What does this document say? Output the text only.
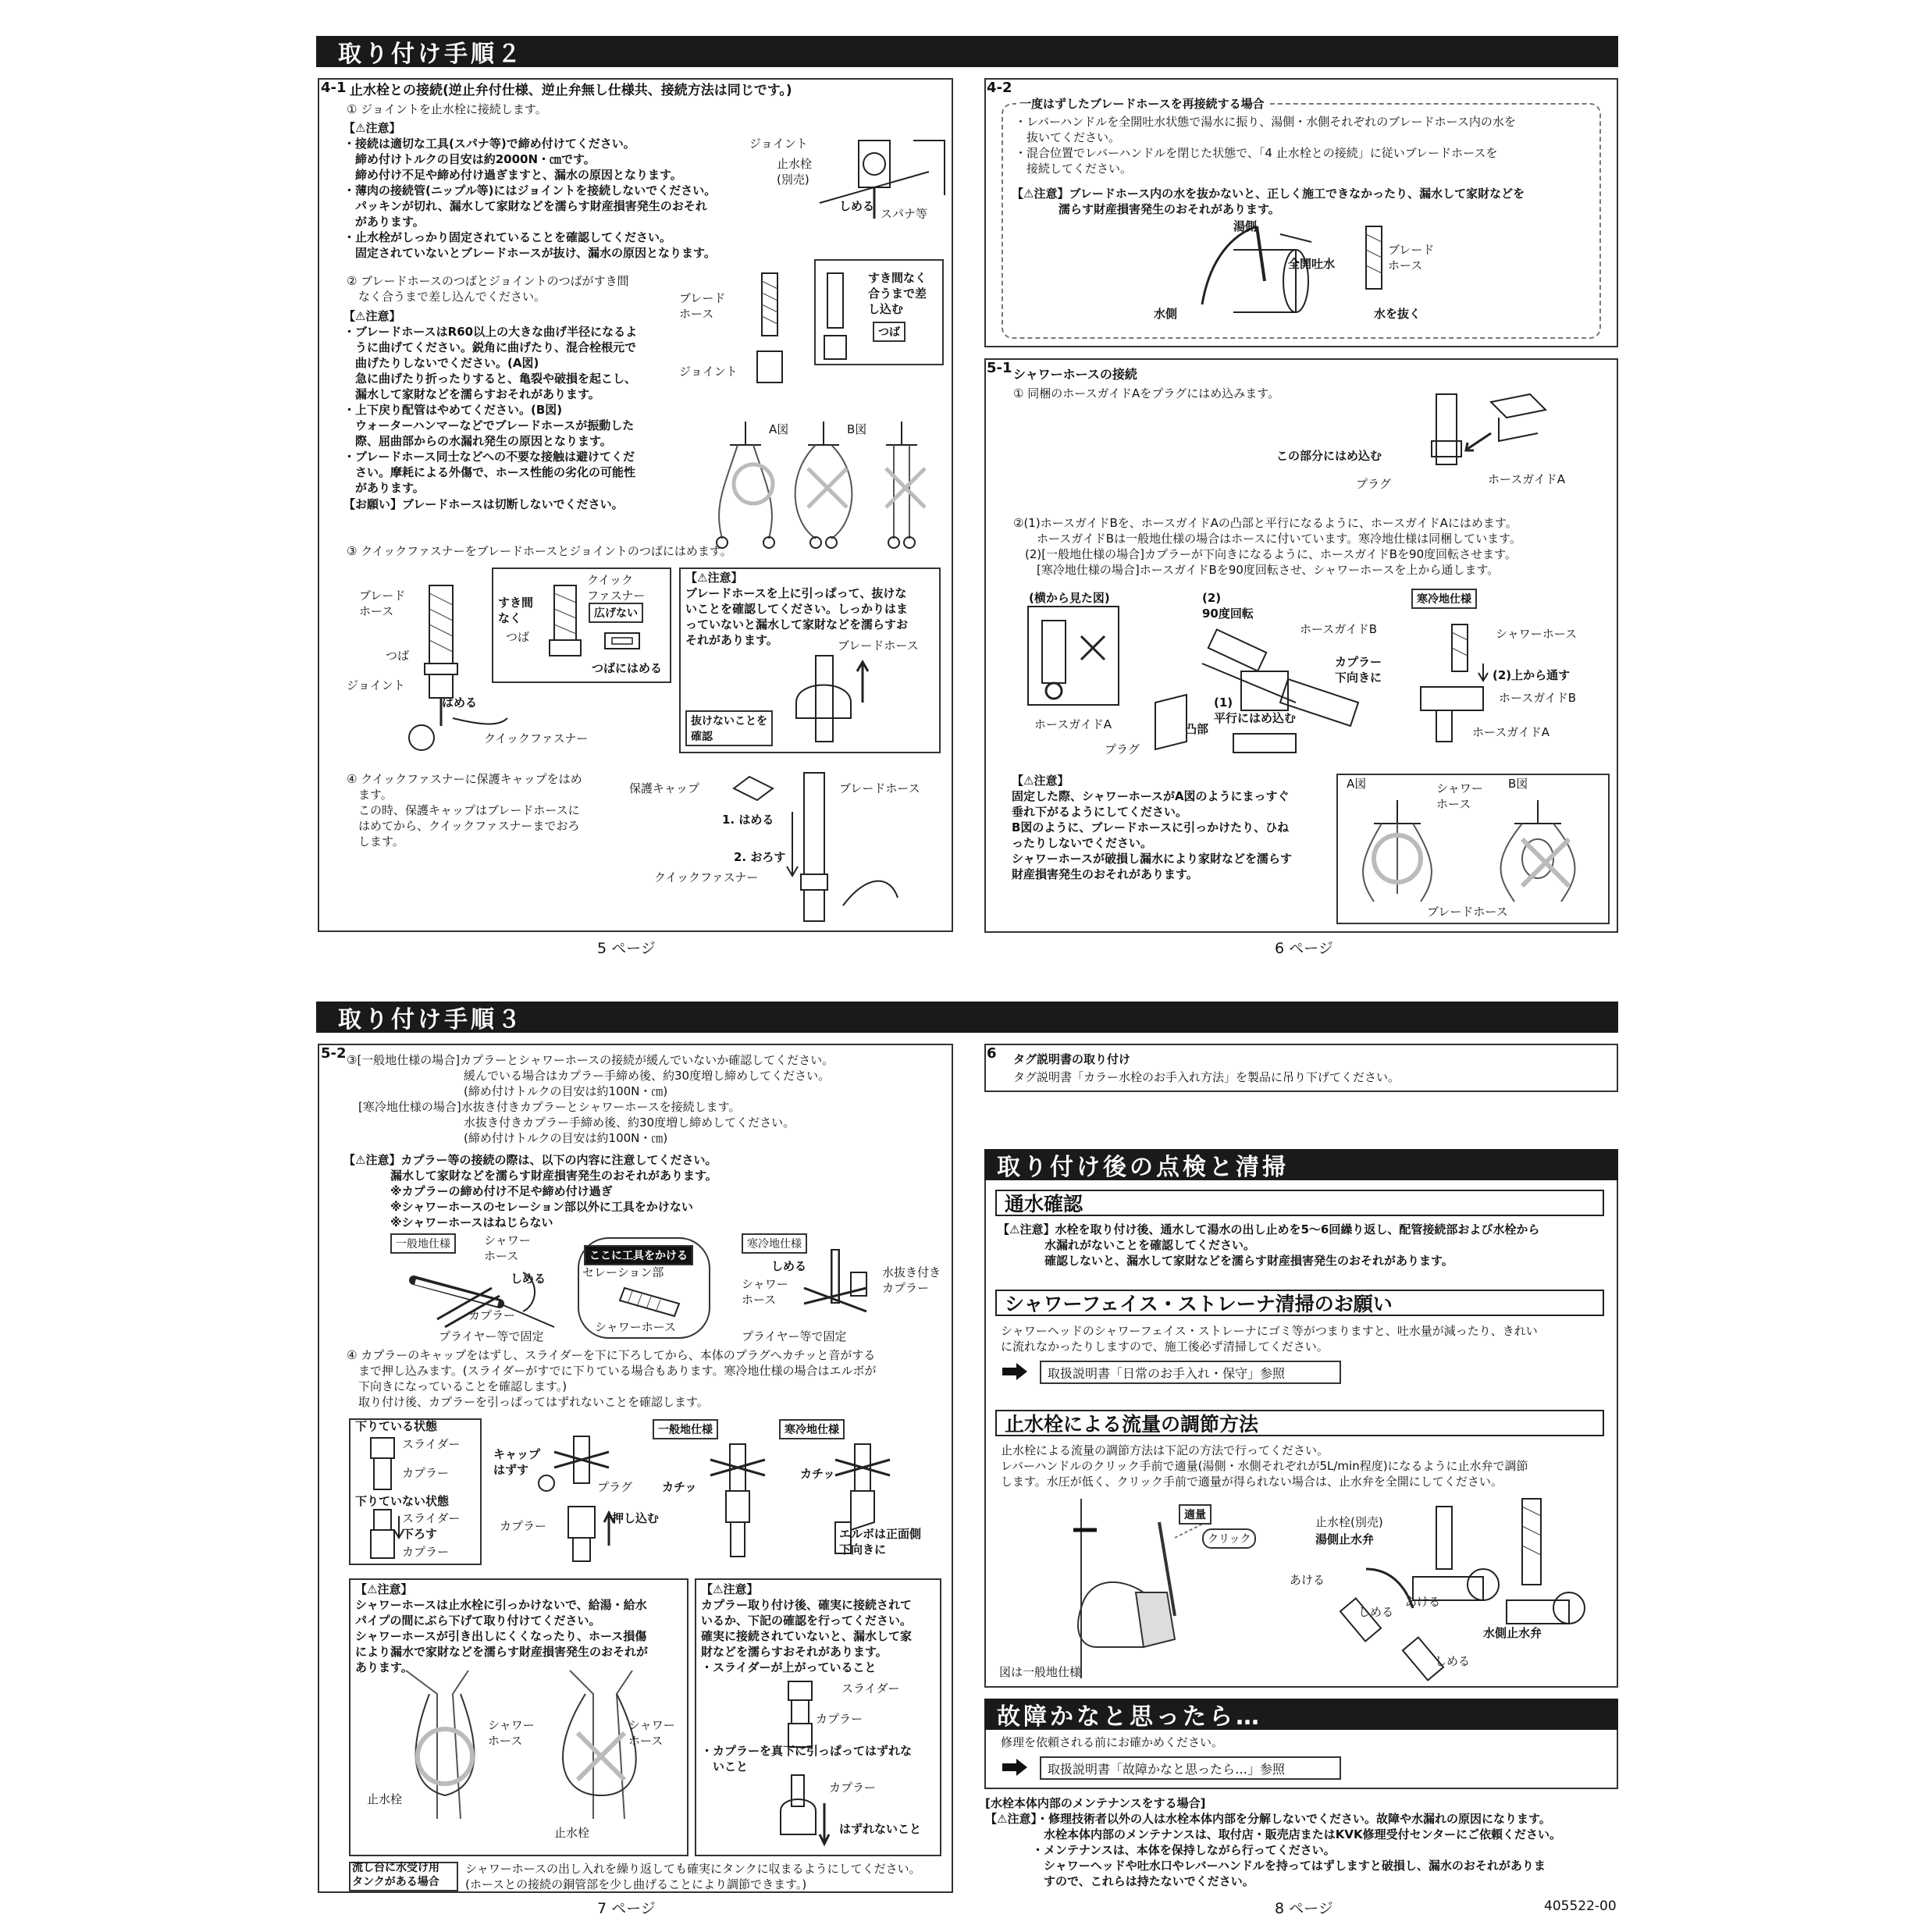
取り付け手順２
取り付け手順３
4-1 止水栓との接続(逆止弁付仕様、逆止弁無し仕様共、接続方法は同じです。)
① ジョイントを止水栓に接続します。
【⚠注意】
・接続は適切な工具(スパナ等)で締め付けてください。
　締め付けトルクの目安は約2000N・㎝です。
　締め付け不足や締め付け過ぎますと、漏水の原因となります。
・薄肉の接続管(ニップル等)にはジョイントを接続しないでください。
　パッキンが切れ、漏水して家財などを濡らす財産損害発生のおそれ
　があります。
・止水栓がしっかり固定されていることを確認してください。
　固定されていないとブレードホースが抜け、漏水の原因となります。
ジョイント
止水栓
(別売)
しめる
スパナ等
② ブレードホースのつばとジョイントのつばがすき間
　なく合うまで差し込んでください。
【⚠注意】
・ブレードホースはR60以上の大きな曲げ半径になるよ
　うに曲げてください。鋭角に曲げたり、混合栓根元で
　曲げたりしないでください。(A図)
　急に曲げたり折ったりすると、亀裂や破損を起こし、
　漏水して家財などを濡らすおそれがあります。
・上下戻り配管はやめてください。(B図)
　ウォーターハンマーなどでブレードホースが振動した
　際、屈曲部からの水漏れ発生の原因となります。
・ブレードホース同士などへの不要な接触は避けてくだ
　さい。摩耗による外傷で、ホース性能の劣化の可能性
　があります。
【お願い】ブレードホースは切断しないでください。
ブレード
ホース
すき間なく
合うまで差
し込む
つば
ジョイント
A図	B図
③ クイックファスナーをブレードホースとジョイントのつばにはめます。
ブレード
ホース
つば
ジョイント
はめる
クイックファスナー
すき間
なく
クイック
ファスナー
広げない
つば
つばにはめる
【⚠注意】
ブレードホースを上に引っぱって、抜けな
いことを確認してください。しっかりはま
っていないと漏水して家財などを濡らすお
それがあります。	ブレードホース
抜けないことを
確認
④ クイックファスナーに保護キャップをはめ
　ます。
　この時、保護キャップはブレードホースに
　はめてから、クイックファスナーまでおろ
　します。
保護キャップ	ブレードホース
1. はめる
2. おろす
クイックファスナー
5 ページ
4-2
一度はずしたブレードホースを再接続する場合
・レバーハンドルを全開吐水状態で湯水に振り、湯側・水側それぞれのブレードホース内の水を
　抜いてください。
・混合位置でレバーハンドルを閉じた状態で、「4 止水栓との接続」に従いブレードホースを
　接続してください。
【⚠注意】ブレードホース内の水を抜かないと、正しく施工できなかったり、漏水して家財などを
　　　　濡らす財産損害発生のおそれがあります。
湯側
全開吐水
水側
ブレード
ホース
水を抜く
5-1 シャワーホースの接続
① 同梱のホースガイドAをプラグにはめ込みます。
この部分にはめ込む
プラグ	ホースガイドA
②(1)ホースガイドBを、ホースガイドAの凸部と平行になるように、ホースガイドAにはめます。
　　ホースガイドBは一般地仕様の場合はホースに付いています。寒冷地仕様は同梱しています。
　(2)[一般地仕様の場合]カプラーが下向きになるように、ホースガイドBを90度回転させます。
　　[寒冷地仕様の場合]ホースガイドBを90度回転させ、シャワーホースを上から通します。
(横から見た図)	(2)
90度回転
ホースガイドB
カプラー
下向きに
(1)
平行にはめ込む
ホースガイドA	凸部
プラグ
寒冷地仕様
シャワーホース
(2)上から通す
ホースガイドB
ホースガイドA
【⚠注意】
固定した際、シャワーホースがA図のようにまっすぐ
垂れ下がるようにしてください。
B図のように、ブレードホースに引っかけたり、ひね
ったりしないでください。
シャワーホースが破損し漏水により家財などを濡らす
財産損害発生のおそれがあります。
A図	シャワー
ホース
B図
ブレードホース
6 ページ
5-2 ③[一般地仕様の場合]カプラーとシャワーホースの接続が緩んでいないか確認してください。
　　　　　　　　　　緩んでいる場合はカプラー手締め後、約30度増し締めしてください。
　　　　　　　　　　(締め付けトルクの目安は約100N・㎝)
　[寒冷地仕様の場合]水抜き付きカプラーとシャワーホースを接続します。
　　　　　　　　　　水抜き付きカプラー手締め後、約30度増し締めしてください。
　　　　　　　　　　(締め付けトルクの目安は約100N・㎝)
【⚠注意】カプラー等の接続の際は、以下の内容に注意してください。
　　　　漏水して家財などを濡らす財産損害発生のおそれがあります。
　　　　※カプラーの締め付け不足や締め付け過ぎ
　　　　※シャワーホースのセレーション部以外に工具をかけない
　　　　※シャワーホースはねじらない
一般地仕様	シャワー
ホース
しめる
カプラー
プライヤー等で固定
ここに工具をかける
セレーション部
シャワーホース
寒冷地仕様
しめる
シャワー
ホース
水抜き付き
カプラー
プライヤー等で固定
④ カプラーのキャップをはずし、スライダーを下に下ろしてから、本体のプラグへカチッと音がする
　まで押し込みます。(スライダーがすでに下りている場合もあります。寒冷地仕様の場合はエルボが
　下向きになっていることを確認します。)
　取り付け後、カプラーを引っぱってはずれないことを確認します。
下りている状態
スライダー
カプラー
下りていない状態
スライダー
下ろす
カプラー
キャップ
はずす
プラグ
カプラー
押し込む
一般地仕様
カチッ
寒冷地仕様
カチッ
エルボは正面側
下向きに
【⚠注意】
シャワーホースは止水栓に引っかけないで、給湯・給水
パイプの間にぶら下げて取り付けてください。
シャワーホースが引き出しにくくなったり、ホース損傷
により漏水で家財などを濡らす財産損害発生のおそれが
あります。
シャワー
ホース
止水栓
シャワー
ホース
止水栓
【⚠注意】
カプラー取り付け後、確実に接続されて
いるか、下記の確認を行ってください。
確実に接続されていないと、漏水して家
財などを濡らすおそれがあります。
・スライダーが上がっていること
スライダー
カプラー
・カプラーを真下に引っぱってはずれな
　いこと
カプラー
はずれないこと
流し台に水受け用
タンクがある場合
シャワーホースの出し入れを繰り返しても確実にタンクに収まるようにしてください。
(ホースとの接続の銅管部を少し曲げることにより調節できます。)
7 ページ
6 タグ説明書の取り付け
タグ説明書「カラー水栓のお手入れ方法」を製品に吊り下げてください。
取り付け後の点検と清掃
通水確認
【⚠注意】水栓を取り付け後、通水して湯水の出し止めを5～6回繰り返し、配管接続部および水栓から
　　　　水漏れがないことを確認してください。
　　　　確認しないと、漏水して家財などを濡らす財産損害発生のおそれがあります。
シャワーフェイス・ストレーナ清掃のお願い
シャワーヘッドのシャワーフェイス・ストレーナにゴミ等がつまりますと、吐水量が減ったり、きれい
に流れなかったりしますので、施工後必ず清掃してください。
取扱説明書「日常のお手入れ・保守」参照
止水栓による流量の調節方法
止水栓による流量の調節方法は下記の方法で行ってください。
レバーハンドルのクリック手前で適量(湯側・水側それぞれが5L/min程度)になるように止水弁で調節
します。水圧が低く、クリック手前で適量が得られない場合は、止水弁を全開にしてください。
適量
クリック
図は一般地仕様
止水栓(別売)
湯側止水弁
あける
しめる
あける
水側止水弁
しめる
故障かなと思ったら…
修理を依頼される前にお確かめください。
取扱説明書「故障かなと思ったら…」参照
[水栓本体内部のメンテナンスをする場合]
【⚠注意】・修理技術者以外の人は水栓本体内部を分解しないでください。故障や水漏れの原因になります。
　　　　　水栓本体内部のメンテナンスは、取付店・販売店またはKVK修理受付センターにご依頼ください。
　　　　・メンテナンスは、本体を保持しながら行ってください。
　　　　　シャワーヘッドや吐水口やレバーハンドルを持ってはずしますと破損し、漏水のおそれがありま
　　　　　すので、これらは持たないでください。
8 ページ	405522-00
